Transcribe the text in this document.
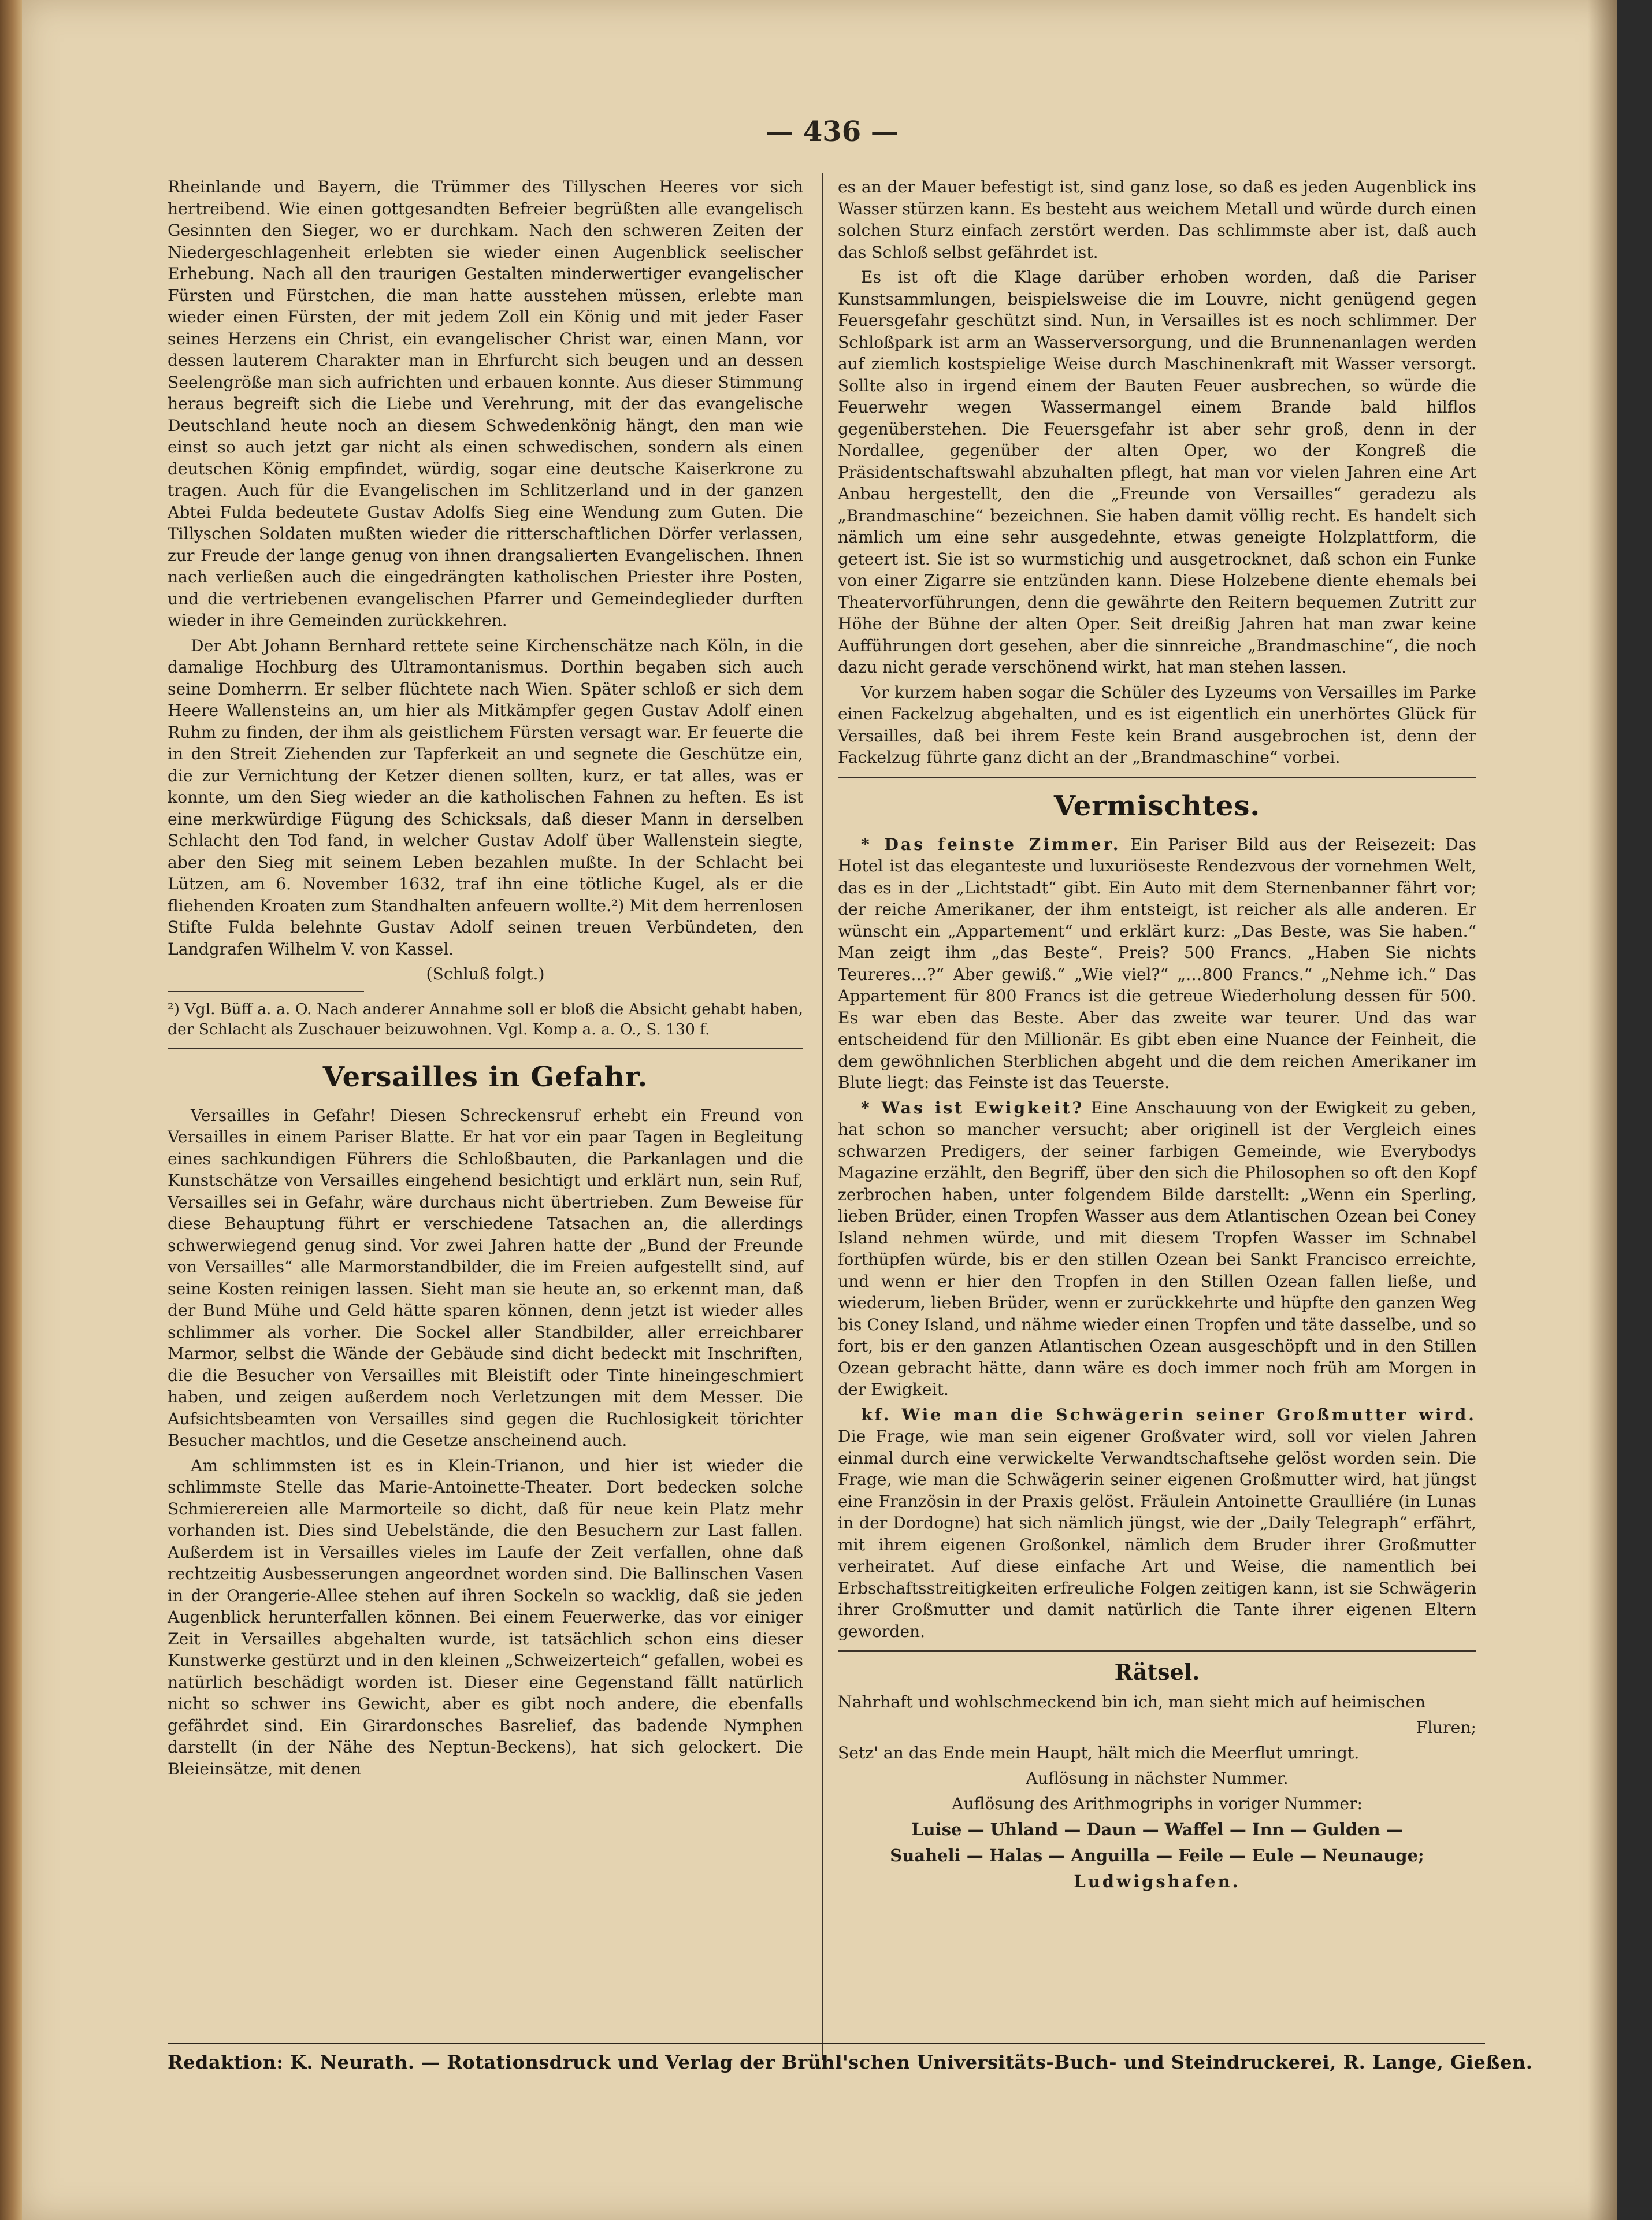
— 436 —

Rheinlande und Bayern, die Trümmer des Tillyschen Heeres vor sich hertreibend. Wie einen gottgesandten Befreier begrüßten alle evangelisch Gesinnten den Sieger, wo er durchkam. Nach den schweren Zeiten der Niedergeschlagenheit erlebten sie wieder einen Augenblick seelischer Erhebung. Nach all den traurigen Gestalten minderwertiger evangelischer Fürsten und Fürstchen, die man hatte ausstehen müssen, erlebte man wieder einen Fürsten, der mit jedem Zoll ein König und mit jeder Faser seines Herzens ein Christ, ein evangelischer Christ war, einen Mann, vor dessen lauterem Charakter man in Ehrfurcht sich beugen und an dessen Seelengröße man sich aufrichten und erbauen konnte. Aus dieser Stimmung heraus begreift sich die Liebe und Verehrung, mit der das evangelische Deutschland heute noch an diesem Schwedenkönig hängt, den man wie einst so auch jetzt gar nicht als einen schwedischen, sondern als einen deutschen König empfindet, würdig, sogar eine deutsche Kaiserkrone zu tragen. Auch für die Evangelischen im Schlitzerland und in der ganzen Abtei Fulda bedeutete Gustav Adolfs Sieg eine Wendung zum Guten. Die Tillyschen Soldaten mußten wieder die ritterschaftlichen Dörfer verlassen, zur Freude der lange genug von ihnen drangsalierten Evangelischen. Ihnen nach verließen auch die eingedrängten katholischen Priester ihre Posten, und die vertriebenen evangelischen Pfarrer und Gemeindeglieder durften wieder in ihre Gemeinden zurückkehren.

Der Abt Johann Bernhard rettete seine Kirchenschätze nach Köln, in die damalige Hochburg des Ultramontanismus. Dorthin begaben sich auch seine Domherrn. Er selber flüchtete nach Wien. Später schloß er sich dem Heere Wallensteins an, um hier als Mitkämpfer gegen Gustav Adolf einen Ruhm zu finden, der ihm als geistlichem Fürsten versagt war. Er feuerte die in den Streit Ziehenden zur Tapferkeit an und segnete die Geschütze ein, die zur Vernichtung der Ketzer dienen sollten, kurz, er tat alles, was er konnte, um den Sieg wieder an die katholischen Fahnen zu heften. Es ist eine merkwürdige Fügung des Schicksals, daß dieser Mann in derselben Schlacht den Tod fand, in welcher Gustav Adolf über Wallenstein siegte, aber den Sieg mit seinem Leben bezahlen mußte. In der Schlacht bei Lützen, am 6. November 1632, traf ihn eine tötliche Kugel, als er die fliehenden Kroaten zum Standhalten anfeuern wollte.²) Mit dem herrenlosen Stifte Fulda belehnte Gustav Adolf seinen treuen Verbündeten, den Landgrafen Wilhelm V. von Kassel.

(Schluß folgt.)

²) Vgl. Büff a. a. O. Nach anderer Annahme soll er bloß die Absicht gehabt haben, der Schlacht als Zuschauer beizuwohnen. Vgl. Komp a. a. O., S. 130 f.

Versailles in Gefahr.

Versailles in Gefahr! Diesen Schreckensruf erhebt ein Freund von Versailles in einem Pariser Blatte. Er hat vor ein paar Tagen in Begleitung eines sachkundigen Führers die Schloßbauten, die Parkanlagen und die Kunstschätze von Versailles eingehend besichtigt und erklärt nun, sein Ruf, Versailles sei in Gefahr, wäre durchaus nicht übertrieben. Zum Beweise für diese Behauptung führt er verschiedene Tatsachen an, die allerdings schwerwiegend genug sind. Vor zwei Jahren hatte der „Bund der Freunde von Versailles“ alle Marmorstandbilder, die im Freien aufgestellt sind, auf seine Kosten reinigen lassen. Sieht man sie heute an, so erkennt man, daß der Bund Mühe und Geld hätte sparen können, denn jetzt ist wieder alles schlimmer als vorher. Die Sockel aller Standbilder, aller erreichbarer Marmor, selbst die Wände der Gebäude sind dicht bedeckt mit Inschriften, die die Besucher von Versailles mit Bleistift oder Tinte hineingeschmiert haben, und zeigen außerdem noch Verletzungen mit dem Messer. Die Aufsichtsbeamten von Versailles sind gegen die Ruchlosigkeit törichter Besucher machtlos, und die Gesetze anscheinend auch.

Am schlimmsten ist es in Klein-Trianon, und hier ist wieder die schlimmste Stelle das Marie-Antoinette-Theater. Dort bedecken solche Schmierereien alle Marmorteile so dicht, daß für neue kein Platz mehr vorhanden ist. Dies sind Uebelstände, die den Besuchern zur Last fallen. Außerdem ist in Versailles vieles im Laufe der Zeit verfallen, ohne daß rechtzeitig Ausbesserungen angeordnet worden sind. Die Ballinschen Vasen in der Orangerie-Allee stehen auf ihren Sockeln so wacklig, daß sie jeden Augenblick herunterfallen können. Bei einem Feuerwerke, das vor einiger Zeit in Versailles abgehalten wurde, ist tatsächlich schon eins dieser Kunstwerke gestürzt und in den kleinen „Schweizerteich“ gefallen, wobei es natürlich beschädigt worden ist. Dieser eine Gegenstand fällt natürlich nicht so schwer ins Gewicht, aber es gibt noch andere, die ebenfalls gefährdet sind. Ein Girardonsches Basrelief, das badende Nymphen darstellt (in der Nähe des Neptun-Beckens), hat sich gelockert. Die Bleieinsätze, mit denen

es an der Mauer befestigt ist, sind ganz lose, so daß es jeden Augenblick ins Wasser stürzen kann. Es besteht aus weichem Metall und würde durch einen solchen Sturz einfach zerstört werden. Das schlimmste aber ist, daß auch das Schloß selbst gefährdet ist.

Es ist oft die Klage darüber erhoben worden, daß die Pariser Kunstsammlungen, beispielsweise die im Louvre, nicht genügend gegen Feuersgefahr geschützt sind. Nun, in Versailles ist es noch schlimmer. Der Schloßpark ist arm an Wasserversorgung, und die Brunnenanlagen werden auf ziemlich kostspielige Weise durch Maschinenkraft mit Wasser versorgt. Sollte also in irgend einem der Bauten Feuer ausbrechen, so würde die Feuerwehr wegen Wassermangel einem Brande bald hilflos gegenüberstehen. Die Feuersgefahr ist aber sehr groß, denn in der Nordallee, gegenüber der alten Oper, wo der Kongreß die Präsidentschaftswahl abzuhalten pflegt, hat man vor vielen Jahren eine Art Anbau hergestellt, den die „Freunde von Versailles“ geradezu als „Brandmaschine“ bezeichnen. Sie haben damit völlig recht. Es handelt sich nämlich um eine sehr ausgedehnte, etwas geneigte Holzplattform, die geteert ist. Sie ist so wurmstichig und ausgetrocknet, daß schon ein Funke von einer Zigarre sie entzünden kann. Diese Holzebene diente ehemals bei Theatervorführungen, denn die gewährte den Reitern bequemen Zutritt zur Höhe der Bühne der alten Oper. Seit dreißig Jahren hat man zwar keine Aufführungen dort gesehen, aber die sinnreiche „Brandmaschine“, die noch dazu nicht gerade verschönend wirkt, hat man stehen lassen.

Vor kurzem haben sogar die Schüler des Lyzeums von Versailles im Parke einen Fackelzug abgehalten, und es ist eigentlich ein unerhörtes Glück für Versailles, daß bei ihrem Feste kein Brand ausgebrochen ist, denn der Fackelzug führte ganz dicht an der „Brandmaschine“ vorbei.

Vermischtes.

* Das feinste Zimmer. Ein Pariser Bild aus der Reisezeit: Das Hotel ist das eleganteste und luxuriöseste Rendezvous der vornehmen Welt, das es in der „Lichtstadt“ gibt. Ein Auto mit dem Sternenbanner fährt vor; der reiche Amerikaner, der ihm entsteigt, ist reicher als alle anderen. Er wünscht ein „Appartement“ und erklärt kurz: „Das Beste, was Sie haben.“ Man zeigt ihm „das Beste“. Preis? 500 Francs. „Haben Sie nichts Teureres…?“ Aber gewiß.“ „Wie viel?“ „…800 Francs.“ „Nehme ich.“ Das Appartement für 800 Francs ist die getreue Wiederholung dessen für 500. Es war eben das Beste. Aber das zweite war teurer. Und das war entscheidend für den Millionär. Es gibt eben eine Nuance der Feinheit, die dem gewöhnlichen Sterblichen abgeht und die dem reichen Amerikaner im Blute liegt: das Feinste ist das Teuerste.

* Was ist Ewigkeit? Eine Anschauung von der Ewigkeit zu geben, hat schon so mancher versucht; aber originell ist der Vergleich eines schwarzen Predigers, der seiner farbigen Gemeinde, wie Everybodys Magazine erzählt, den Begriff, über den sich die Philosophen so oft den Kopf zerbrochen haben, unter folgendem Bilde darstellt: „Wenn ein Sperling, lieben Brüder, einen Tropfen Wasser aus dem Atlantischen Ozean bei Coney Island nehmen würde, und mit diesem Tropfen Wasser im Schnabel forthüpfen würde, bis er den stillen Ozean bei Sankt Francisco erreichte, und wenn er hier den Tropfen in den Stillen Ozean fallen ließe, und wiederum, lieben Brüder, wenn er zurückkehrte und hüpfte den ganzen Weg bis Coney Island, und nähme wieder einen Tropfen und täte dasselbe, und so fort, bis er den ganzen Atlantischen Ozean ausgeschöpft und in den Stillen Ozean gebracht hätte, dann wäre es doch immer noch früh am Morgen in der Ewigkeit.

kf. Wie man die Schwägerin seiner Großmutter wird. Die Frage, wie man sein eigener Großvater wird, soll vor vielen Jahren einmal durch eine verwickelte Verwandtschaftsehe gelöst worden sein. Die Frage, wie man die Schwägerin seiner eigenen Großmutter wird, hat jüngst eine Französin in der Praxis gelöst. Fräulein Antoinette Graulliére (in Lunas in der Dordogne) hat sich nämlich jüngst, wie der „Daily Telegraph“ erfährt, mit ihrem eigenen Großonkel, nämlich dem Bruder ihrer Großmutter verheiratet. Auf diese einfache Art und Weise, die namentlich bei Erbschaftsstreitigkeiten erfreuliche Folgen zeitigen kann, ist sie Schwägerin ihrer Großmutter und damit natürlich die Tante ihrer eigenen Eltern geworden.

Rätsel.

Nahrhaft und wohlschmeckend bin ich, man sieht mich auf heimischen

Fluren;

Setz' an das Ende mein Haupt, hält mich die Meerflut umringt.

Auflösung in nächster Nummer.

Auflösung des Arithmogriphs in voriger Nummer:

Luise — Uhland — Daun — Waffel — Inn — Gulden —

Suaheli — Halas — Anguilla — Feile — Eule — Neunauge;

Ludwigshafen.

Redaktion: K. Neurath. — Rotationsdruck und Verlag der Brühl'schen Universitäts-Buch- und Steindruckerei, R. Lange, Gießen.
